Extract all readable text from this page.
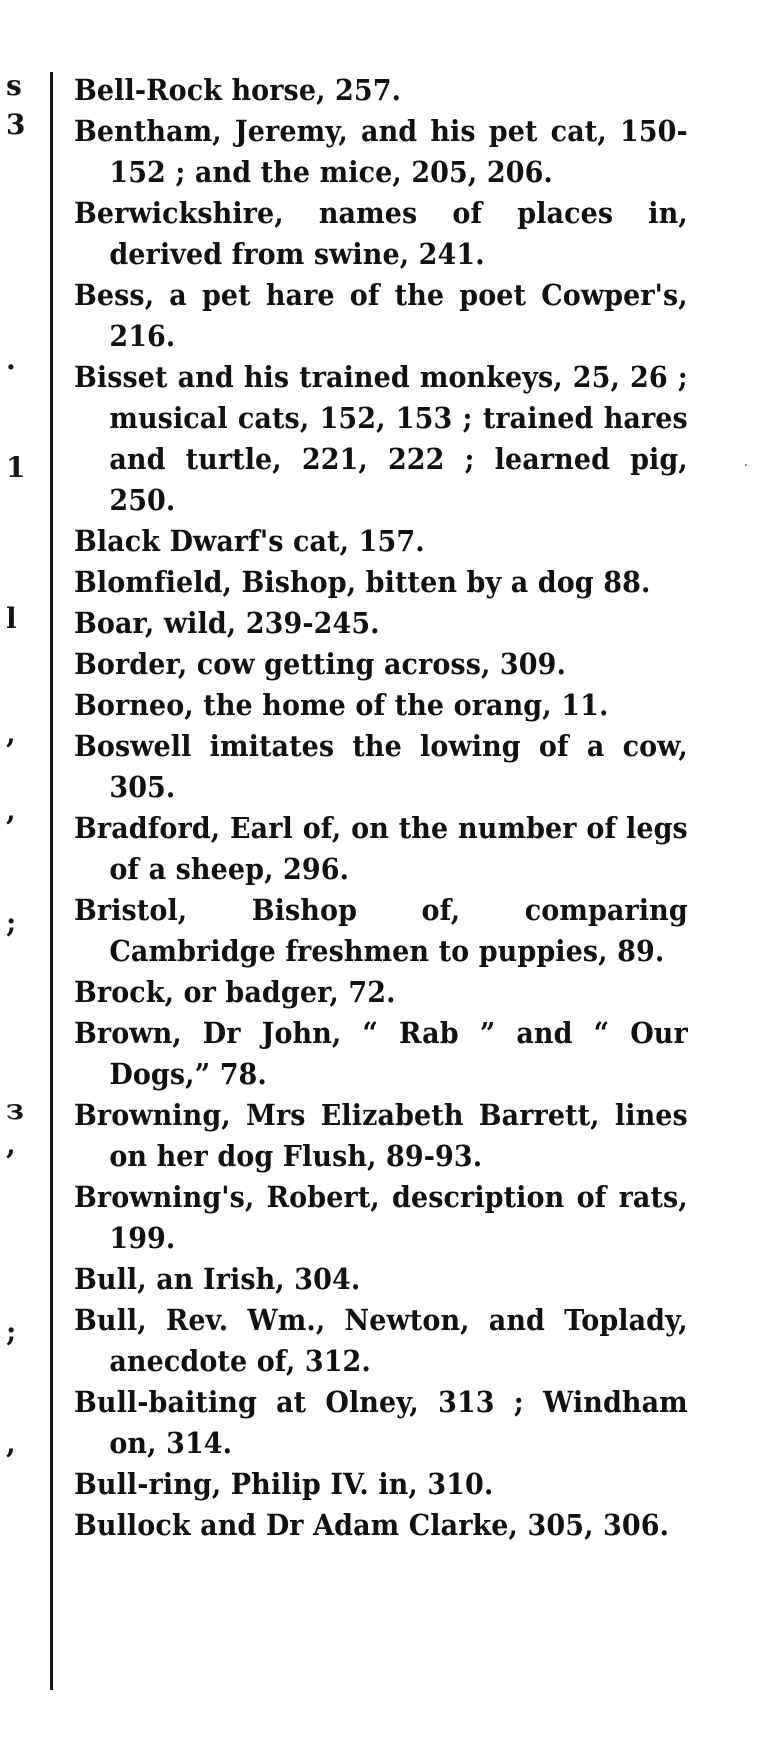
s
3
.
1
l
,
,
;
з
,
;
,
Bell-Rock horse, 257.
Bentham, Jeremy, and his pet cat, 150-152 ; and the mice, 205, 206.
Berwickshire, names of places in, derived from swine, 241.
Bess, a pet hare of the poet Cowper's, 216.
Bisset and his trained monkeys, 25, 26 ; musical cats, 152, 153 ; trained hares and turtle, 221, 222 ; learned pig, 250.
Black Dwarf's cat, 157.
Blomfield, Bishop, bitten by a dog 88.
Boar, wild, 239-245.
Border, cow getting across, 309.
Borneo, the home of the orang, 11.
Boswell imitates the lowing of a cow, 305.
Bradford, Earl of, on the number of legs of a sheep, 296.
Bristol, Bishop of, comparing Cambridge freshmen to puppies, 89.
Brock, or badger, 72.
Brown, Dr John, “ Rab ” and “ Our Dogs,” 78.
Browning, Mrs Elizabeth Barrett, lines on her dog Flush, 89-93.
Browning's, Robert, description of rats, 199.
Bull, an Irish, 304.
Bull, Rev. Wm., Newton, and Toplady, anecdote of, 312.
Bull-baiting at Olney, 313 ; Windham on, 314.
Bull-ring, Philip IV. in, 310.
Bullock and Dr Adam Clarke, 305, 306.
